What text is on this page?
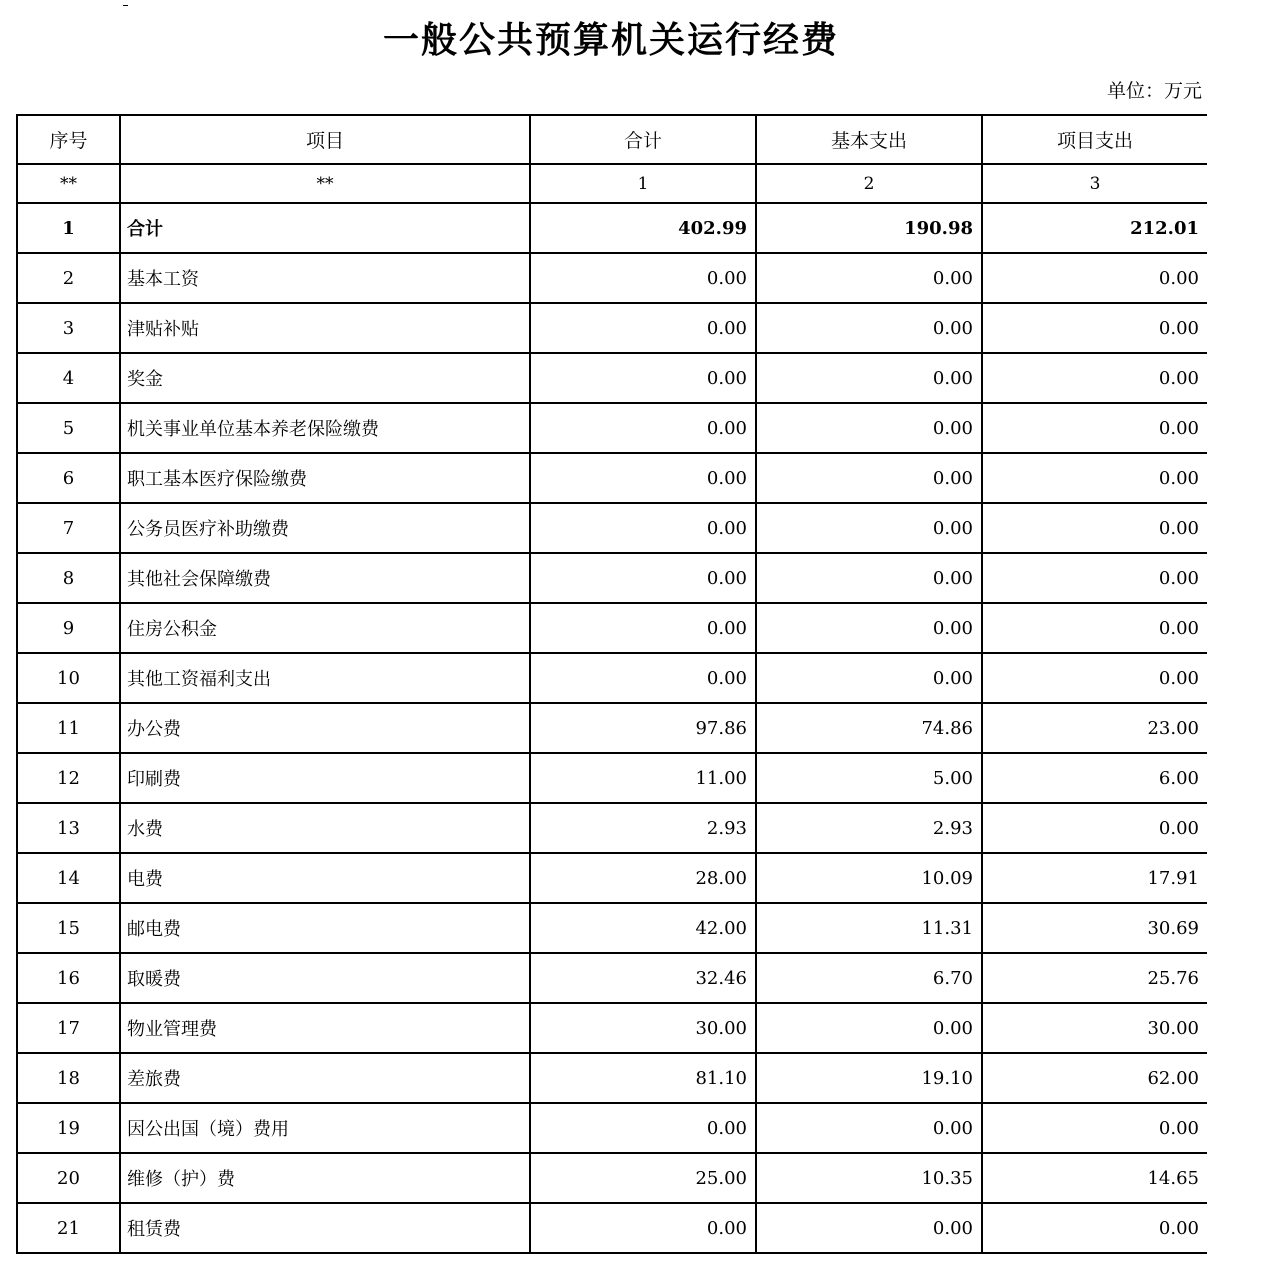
一般公共预算机关运行经费
单位：万元
序号	项目	合计	基本支出	项目支出
**	**	1	2	3
1	合计	402.99	190.98	212.01
2	基本工资	0.00	0.00	0.00
3	津贴补贴	0.00	0.00	0.00
4	奖金	0.00	0.00	0.00
5	机关事业单位基本养老保险缴费	0.00	0.00	0.00
6	职工基本医疗保险缴费	0.00	0.00	0.00
7	公务员医疗补助缴费	0.00	0.00	0.00
8	其他社会保障缴费	0.00	0.00	0.00
9	住房公积金	0.00	0.00	0.00
10	其他工资福利支出	0.00	0.00	0.00
11	办公费	97.86	74.86	23.00
12	印刷费	11.00	5.00	6.00
13	水费	2.93	2.93	0.00
14	电费	28.00	10.09	17.91
15	邮电费	42.00	11.31	30.69
16	取暖费	32.46	6.70	25.76
17	物业管理费	30.00	0.00	30.00
18	差旅费	81.10	19.10	62.00
19	因公出国（境）费用	0.00	0.00	0.00
20	维修（护）费	25.00	10.35	14.65
21	租赁费	0.00	0.00	0.00
